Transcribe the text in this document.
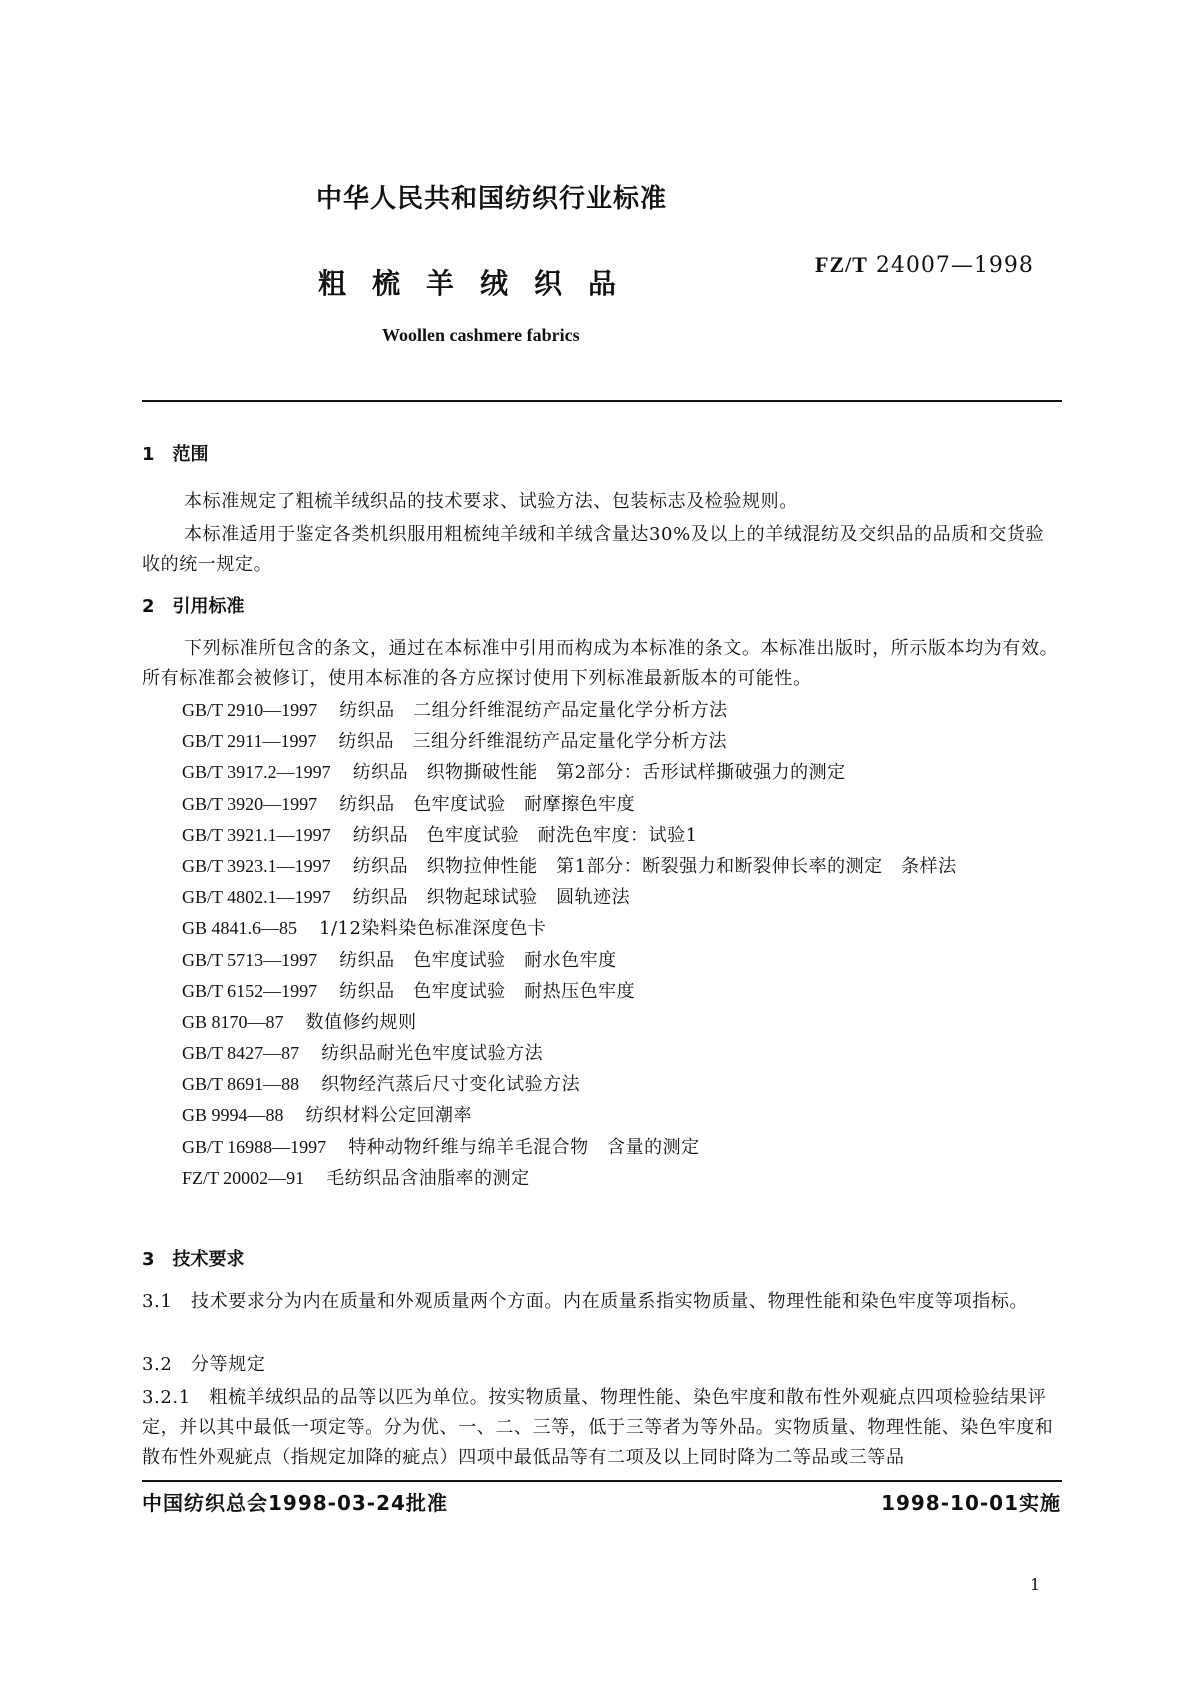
中华人民共和国纺织行业标准
粗梳羊绒织品
FZ/T 24007—1998
Woollen cashmere fabrics
1　范围
本标准规定了粗梳羊绒织品的技术要求、试验方法、包装标志及检验规则。
本标准适用于鉴定各类机织服用粗梳纯羊绒和羊绒含量达30%及以上的羊绒混纺及交织品的品质和交货验收的统一规定。
2　引用标准
下列标准所包含的条文，通过在本标准中引用而构成为本标准的条文。本标准出版时，所示版本均为有效。所有标准都会被修订，使用本标准的各方应探讨使用下列标准最新版本的可能性。
GB/T 2910—1997 纺织品　二组分纤维混纺产品定量化学分析方法
GB/T 2911—1997 纺织品　三组分纤维混纺产品定量化学分析方法
GB/T 3917.2—1997 纺织品　织物撕破性能　第2部分：舌形试样撕破强力的测定
GB/T 3920—1997 纺织品　色牢度试验　耐摩擦色牢度
GB/T 3921.1—1997 纺织品　色牢度试验　耐洗色牢度：试验1
GB/T 3923.1—1997 纺织品　织物拉伸性能　第1部分：断裂强力和断裂伸长率的测定　条样法
GB/T 4802.1—1997 纺织品　织物起球试验　圆轨迹法
GB 4841.6—85 1/12染料染色标准深度色卡
GB/T 5713—1997 纺织品　色牢度试验　耐水色牢度
GB/T 6152—1997 纺织品　色牢度试验　耐热压色牢度
GB 8170—87 数值修约规则
GB/T 8427—87 纺织品耐光色牢度试验方法
GB/T 8691—88 织物经汽蒸后尺寸变化试验方法
GB 9994—88 纺织材料公定回潮率
GB/T 16988—1997 特种动物纤维与绵羊毛混合物　含量的测定
FZ/T 20002—91 毛纺织品含油脂率的测定
3　技术要求
3.1　技术要求分为内在质量和外观质量两个方面。内在质量系指实物质量、物理性能和染色牢度等项指标。
3.2　分等规定
3.2.1　粗梳羊绒织品的品等以匹为单位。按实物质量、物理性能、染色牢度和散布性外观疵点四项检验结果评定，并以其中最低一项定等。分为优、一、二、三等，低于三等者为等外品。实物质量、物理性能、染色牢度和散布性外观疵点（指规定加降的疵点）四项中最低品等有二项及以上同时降为二等品或三等品
中国纺织总会1998-03-24批准	1998-10-01实施
1
